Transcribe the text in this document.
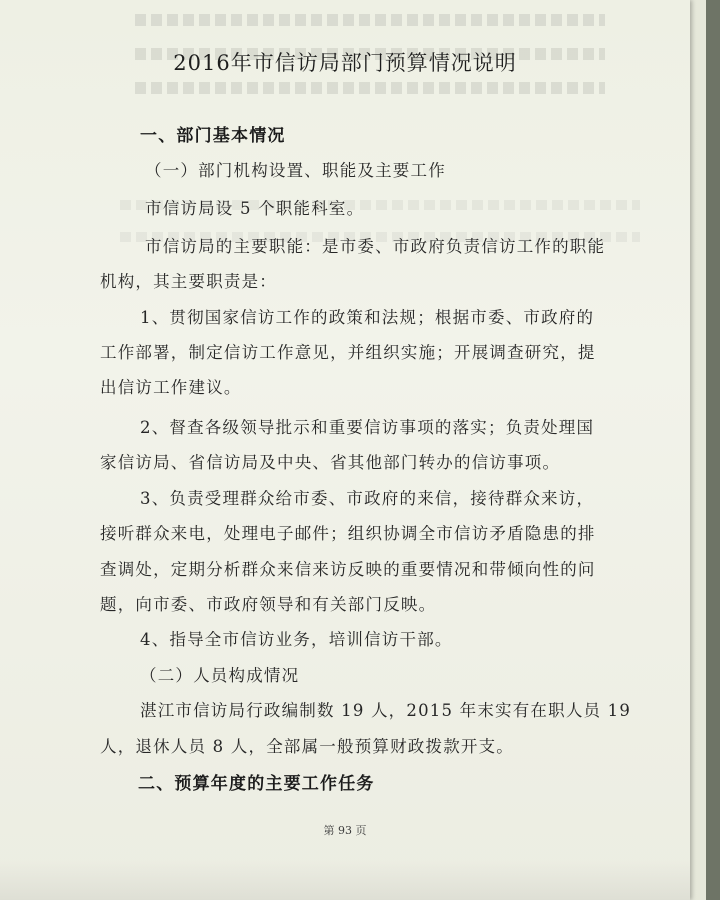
2016年市信访局部门预算情况说明
一、部门基本情况
（一）部门机构设置、职能及主要工作
市信访局设 5 个职能科室。
市信访局的主要职能：是市委、市政府负责信访工作的职能
机构，其主要职责是：
1、贯彻国家信访工作的政策和法规；根据市委、市政府的
工作部署，制定信访工作意见，并组织实施；开展调查研究，提
出信访工作建议。
2、督查各级领导批示和重要信访事项的落实；负责处理国
家信访局、省信访局及中央、省其他部门转办的信访事项。
3、负责受理群众给市委、市政府的来信，接待群众来访，
接听群众来电，处理电子邮件；组织协调全市信访矛盾隐患的排
查调处，定期分析群众来信来访反映的重要情况和带倾向性的问
题，向市委、市政府领导和有关部门反映。
4、指导全市信访业务，培训信访干部。
（二）人员构成情况
湛江市信访局行政编制数 19 人，2015 年末实有在职人员 19
人，退休人员 8 人，全部属一般预算财政拨款开支。
二、预算年度的主要工作任务
第 93 页
